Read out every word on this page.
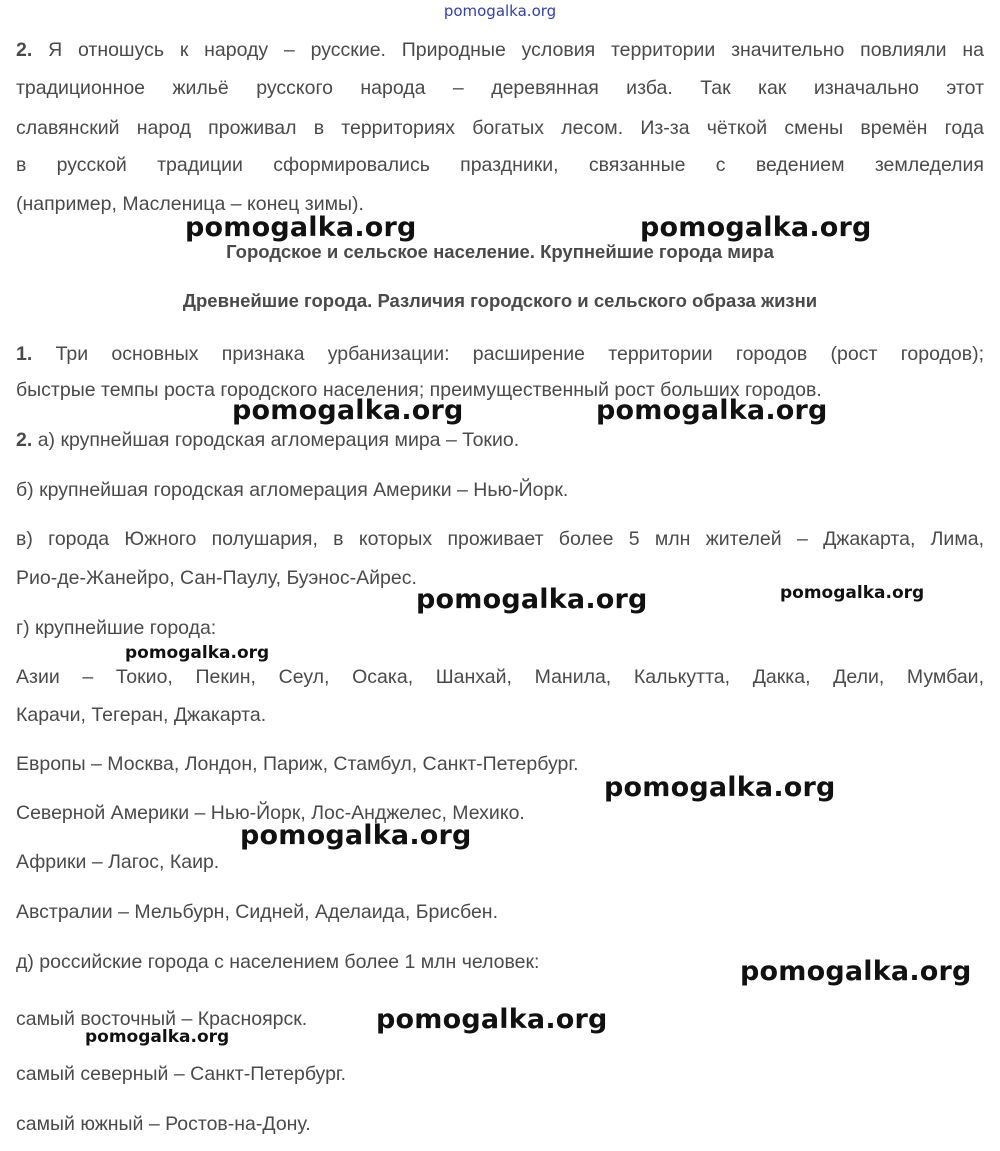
pomogalka.org
2. Я отношусь к народу – русские. Природные условия территории значительно повлияли на
традиционное жильё русского народа – деревянная изба. Так как изначально этот
славянский народ проживал в территориях богатых лесом. Из-за чёткой смены времён года
в русской традиции сформировались праздники, связанные с ведением земледелия
(например, Масленица – конец зимы).
Городское и сельское население. Крупнейшие города мира
Древнейшие города. Различия городского и сельского образа жизни
1. Три основных признака урбанизации: расширение территории городов (рост городов);
быстрые темпы роста городского населения; преимущественный рост больших городов.
2. а) крупнейшая городская агломерация мира – Токио.
б) крупнейшая городская агломерация Америки – Нью-Йорк.
в) города Южного полушария, в которых проживает более 5 млн жителей – Джакарта, Лима,
Рио-де-Жанейро, Сан-Паулу, Буэнос-Айрес.
г) крупнейшие города:
Азии – Токио, Пекин, Сеул, Осака, Шанхай, Манила, Калькутта, Дакка, Дели, Мумбаи,
Карачи, Тегеран, Джакарта.
Европы – Москва, Лондон, Париж, Стамбул, Санкт-Петербург.
Северной Америки – Нью-Йорк, Лос-Анджелес, Мехико.
Африки – Лагос, Каир.
Австралии – Мельбурн, Сидней, Аделаида, Брисбен.
д) российские города с населением более 1 млн человек:
самый восточный – Красноярск.
самый северный – Санкт-Петербург.
самый южный – Ростов-на-Дону.
pomogalka.org	pomogalka.org
pomogalka.org	pomogalka.org
pomogalka.org	pomogalka.org
pomogalka.org
pomogalka.org
pomogalka.org
pomogalka.org
pomogalka.org
pomogalka.org
